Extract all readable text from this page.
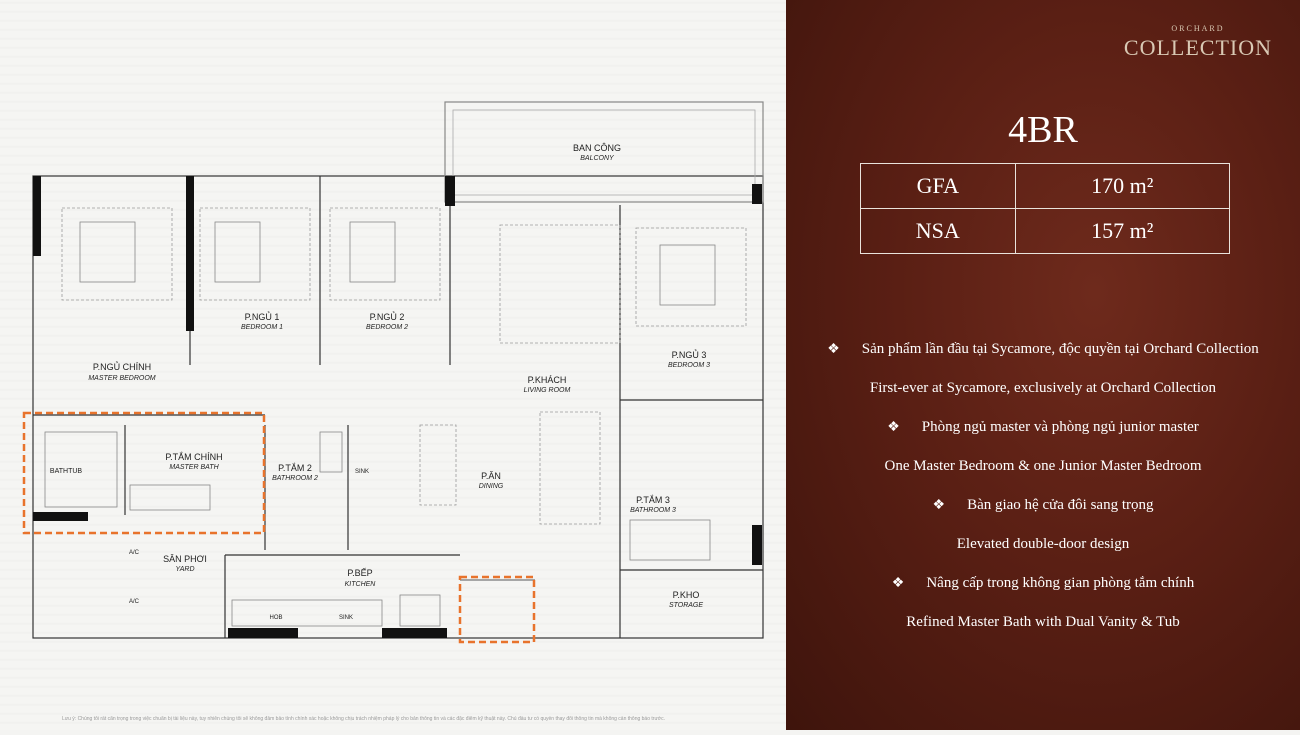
BAN CÔNG
BALCONY
P.NGỦ 1
BEDROOM 1
P.NGỦ 2
BEDROOM 2
P.NGỦ CHÍNH
MASTER BEDROOM
BATHTUB
P.TẮM CHÍNH
MASTER BATH	P.TẮM 2
BATHROOM 2
SINK
P.KHÁCH
LIVING ROOM
P.ĂN
DINING
P.NGỦ 3
BEDROOM 3
P.TẮM 3
BATHROOM 3
SÂN PHƠI
YARD
A/C
A/C
P.BẾP
KITCHEN
HOB	SINK
P.KHO
STORAGE
ORCHARD
COLLECTION
4BR
GFA	170 m²
NSA	157 m²
❖ Sản phẩm lần đầu tại Sycamore, độc quyền tại Orchard Collection
First-ever at Sycamore, exclusively at Orchard Collection
❖ Phòng ngủ master và phòng ngủ junior master
One Master Bedroom & one Junior Master Bedroom
❖ Bàn giao hệ cửa đôi sang trọng
Elevated double-door design
❖ Nâng cấp trong không gian phòng tắm chính
Refined Master Bath with Dual Vanity & Tub
Lưu ý: Chúng tôi rất cẩn trọng trong việc chuẩn bị tài liệu này, tuy nhiên chúng tôi sẽ không đảm bảo tính chính xác hoặc không chịu trách nhiệm pháp lý cho bản thông tin và các đặc điểm kỹ thuật này. Chủ đầu tư có quyền thay đổi thông tin mà không cần thông báo trước.
